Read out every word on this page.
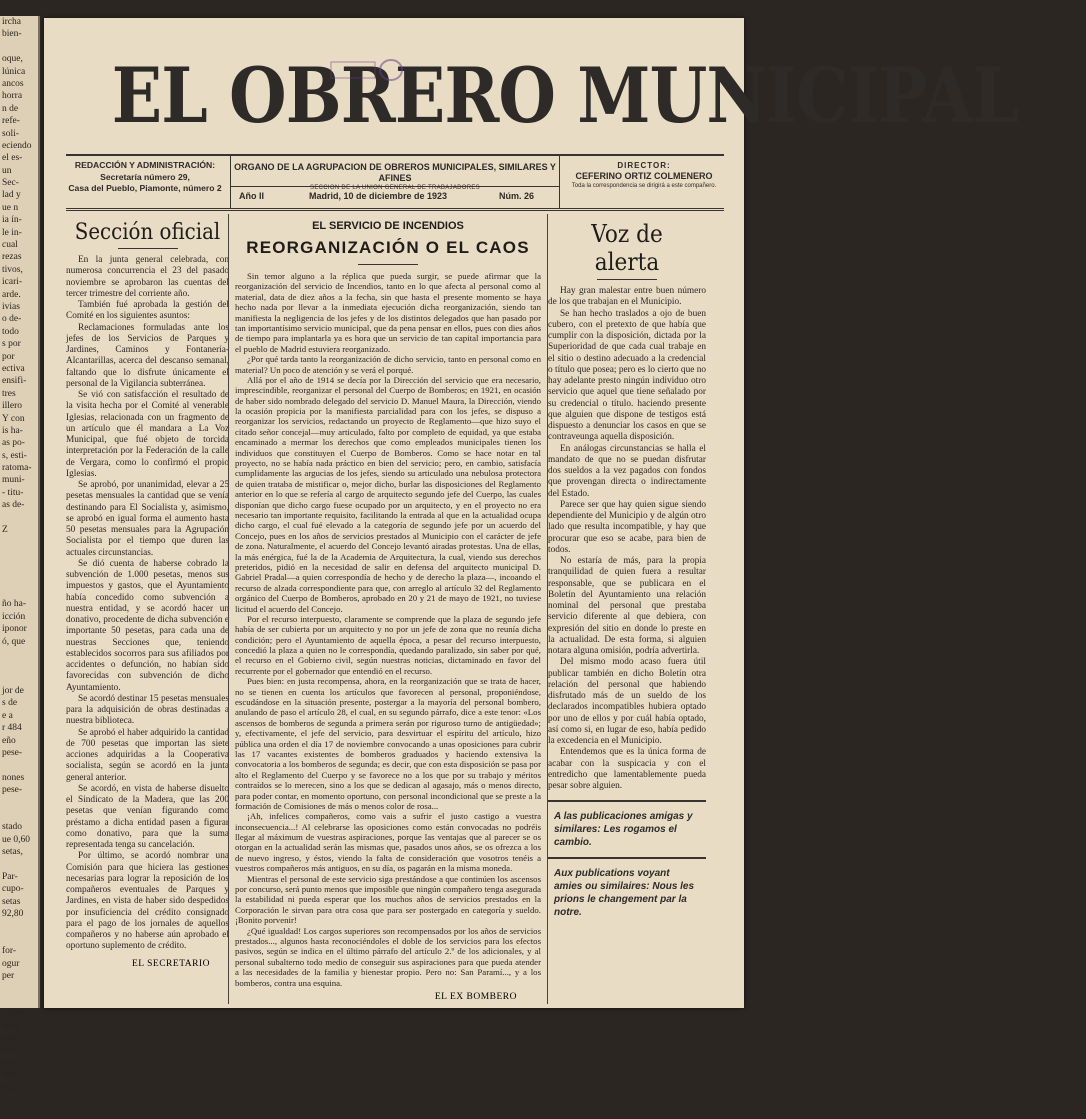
ircha
bien-
oque,
lúnica
ancos
horra
n de
refe-
soli-
eciendo
el es-
un
Sec-
lad y
ue n
ia ín-
le in-
cual
rezas
tivos,
icari-
arde.
ivias
o de-
todo
s por
por
ectiva
ensifi-
tres
illero
Y con
is ha-
as po-
s, esti-
ratoma-
muni-
- titu-
as de-
Z
ño ha-
icción
iponor
ó, que
jor de
s de
e a
r 484
eño
pese-
nones
pese-
stado
ue 0,60
setas,
Par-
cupo-
setas
92,80
for-
ogur
per
saldo-
ones.
estas
que
ocu-
ontes
es a
EL OBRERO MUNICIPAL
REDACCIÓN Y ADMINISTRACIÓN:
Secretaría número 29,
Casa del Pueblo, Piamonte, número 2
ORGANO DE LA AGRUPACION DE OBREROS MUNICIPALES, SIMILARES Y AFINES
SECCION DE LA UNION GENERAL DE TRABAJADORES
Año II	Madrid, 10 de diciembre de 1923	Núm. 26
DIRECTOR:
CEFERINO ORTIZ COLMENERO
Toda la correspondencia se dirigirá a este compañero.
Sección oficial

En la junta general celebrada, con numerosa concurrencia el 23 del pasado noviembre se aprobaron las cuentas del tercer trimestre del corriente año.

También fué aprobada la gestión del Comité en los siguientes asuntos:

Reclamaciones formuladas ante los jefes de los Servicios de Parques y Jardines, Caminos y Fontanería-Alcantarillas, acerca del descanso semanal, faltando que lo disfrute únicamente el personal de la Vigilancia subterránea.

Se vió con satisfacción el resultado de la visita hecha por el Comité al venerable Iglesias, relacionada con un fragmento de un artículo que él mandara a La Voz Municipal, que fué objeto de torcida interpretación por la Federación de la calle de Vergara, como lo confirmó el propio Iglesias.

Se aprobó, por unanimidad, elevar a 25 pesetas mensuales la cantidad que se venía destinando para El Socialista y, asimismo, se aprobó en igual forma el aumento hasta 50 pesetas mensuales para la Agrupación Socialista por el tiempo que duren las actuales circunstancias.

Se dió cuenta de haberse cobrado la subvención de 1.000 pesetas, menos sus impuestos y gastos, que el Ayuntamiento había concedido como subvención a nuestra entidad, y se acordó hacer un donativo, procedente de dicha subvención e importante 50 pesetas, para cada una de nuestras Secciones que, teniendo establecidos socorros para sus afiliados por accidentes o defunción, no habían sido favorecidas con subvención de dicho Ayuntamiento.

Se acordó destinar 15 pesetas mensuales para la adquisición de obras destinadas a nuestra biblioteca.

Se aprobó el haber adquirido la cantidad de 700 pesetas que importan las siete acciones adquiridas a la Cooperativa socialista, según se acordó en la junta general anterior.

Se acordó, en vista de haberse disuelto el Sindicato de la Madera, que las 200 pesetas que venían figurando como préstamo a dicha entidad pasen a figurar como donativo, para que la suma representada tenga su cancelación.

Por último, se acordó nombrar una Comisión para que hiciera las gestiones necesarias para lograr la reposición de los compañeros eventuales de Parques y Jardines, en vista de haber sido despedidos por insuficiencia del crédito consignado para el pago de los jornales de aquellos compañeros y no haberse aún aprobado el oportuno suplemento de crédito.

EL SECRETARIO
EL SERVICIO DE INCENDIOS
REORGANIZACIÓN O EL CAOS

Sin temor alguno a la réplica que pueda surgir, se puede afirmar que la reorganización del servicio de Incendios, tanto en lo que afecta al personal como al material, data de diez años a la fecha, sin que hasta el presente momento se haya hecho nada por llevar a la inmediata ejecución dicha reorganización, siendo tan manifiesta la negligencia de los jefes y de los distintos delegados que han pasado por tan importantísimo servicio municipal, que da pena pensar en ellos, pues con dies años de tiempo para implantarla ya es hora que un servicio de tan capital importancia para el pueblo de Madrid estuviera reorganizado.

¿Por qué tarda tanto la reorganización de dicho servicio, tanto en personal como en material? Un poco de atención y se verá el porqué.

Allá por el año de 1914 se decía por la Dirección del servicio que era necesario, imprescindible, reorganizar el personal del Cuerpo de Bomberos; en 1921, en ocasión de haber sido nombrado delegado del servicio D. Manuel Maura, la Dirección, viendo la ocasión propicia por la manifiesta parcialidad para con los jefes, se dispuso a reorganizar los servicios, redactando un proyecto de Reglamento—que hizo suyo el citado señor concejal—muy articulado, falto por completo de equidad, ya que estaba encaminado a mermar los derechos que como empleados municipales tienen los individuos que constituyen el Cuerpo de Bomberos. Como se hace notar en tal proyecto, no se había nada práctico en bien del servicio; pero, en cambio, satisfacía cumplidamente las argucias de los jefes, siendo su articulado una nebulosa protectora de quien trataba de mistificar o, mejor dicho, burlar las disposiciones del Reglamento anterior en lo que se refería al cargo de arquitecto segundo jefe del Cuerpo, las cuales disponían que dicho cargo fuese ocupado por un arquitecto, y en el proyecto no era necesario tan importante requisito, facilitando la entrada al que en la actualidad ocupa dicho cargo, el cual fué elevado a la categoría de segundo jefe por un acuerdo del Concejo, pues en los años de servicios prestados al Municipio con el carácter de jefe de zona. Naturalmente, el acuerdo del Concejo levantó airadas protestas. Una de ellas, la más enérgica, fué la de la Academia de Arquitectura, la cual, viendo sus derechos preteridos, pidió en la necesidad de salir en defensa del arquitecto municipal D. Gabriel Pradal—a quien correspondía de hecho y de derecho la plaza—, incoando el recurso de alzada correspondiente para que, con arreglo al artículo 32 del Reglamento orgánico del Cuerpo de Bomberos, aprobado en 20 y 21 de mayo de 1921, no tuviese licitud el acuerdo del Concejo.

Por el recurso interpuesto, claramente se comprende que la plaza de segundo jefe había de ser cubierta por un arquitecto y no por un jefe de zona que no reunía dicha condición; pero el Ayuntamiento de aquella época, a pesar del recurso interpuesto, concedió la plaza a quien no le correspondía, quedando paralizado, sin saber por qué, el recurso en el Gobierno civil, según nuestras noticias, dictaminado en favor del recurrente por el gobernador que entendió en el recurso.

Pues bien: en justa recompensa, ahora, en la reorganización que se trata de hacer, no se tienen en cuenta los artículos que favorecen al personal, proponiéndose, escudándose en la situación presente, postergar a la mayoría del personal bombero, anulando de paso el artículo 28, el cual, en su segundo párrafo, dice a este tenor: «Los ascensos de bomberos de segunda a primera serán por riguroso turno de antigüedad»; y, efectivamente, el jefe del servicio, para desvirtuar el espíritu del artículo, hizo pública una orden el día 17 de noviembre convocando a unas oposiciones para cubrir las 17 vacantes existentes de bomberos graduados y haciendo extensiva la convocatoria a los bomberos de segunda; es decir, que con esta disposición se pasa por alto el Reglamento del Cuerpo y se favorece no a los que por su trabajo y méritos contraídos se lo merecen, sino a los que se dedican al agasajo, más o menos directo, para poder contar, en momento oportuno, con personal incondicional que se preste a la formación de Comisiones de más o menos color de rosa...

¡Ah, infelices compañeros, como vais a sufrir el justo castigo a vuestra inconsecuencia...! Al celebrarse las oposiciones como están convocadas no podréis llegar al máximum de vuestras aspiraciones, porque las ventajas que al parecer se os otorgan en la actualidad serán las mismas que, pasados unos años, se os ofrezca a los de nuevo ingreso, y éstos, viendo la falta de consideración que vosotros tenéis a vuestros compañeros más antiguos, en su día, os pagarán en la misma moneda.

Mientras el personal de este servicio siga prestándose a que continúen los ascensos por concurso, será punto menos que imposible que ningún compañero tenga asegurada la estabilidad ni pueda esperar que los muchos años de servicios prestados en la Corporación le sirvan para otra cosa que para ser postergado en categoría y sueldo. ¡Bonito porvenir!

¿Qué igualdad! Los cargos superiores son recompensados por los años de servicios prestados..., algunos hasta reconociéndoles el doble de los servicios para los efectos pasivos, según se indica en el último párrafo del artículo 2.º de los adicionales, y al personal subalterno todo medio de conseguir sus aspiraciones para que pueda atender a las necesidades de la familia y bienestar propio. Pero no: San Paramí..., y a los bomberos, contra una esquina.

EL EX BOMBERO
Voz de alerta

Hay gran malestar entre buen número de los que trabajan en el Municipio.

Se han hecho traslados a ojo de buen cubero, con el pretexto de que había que cumplir con la disposición, dictada por la Superioridad de que cada cual trabaje en el sitio o destino adecuado a la credencial o título que posea; pero es lo cierto que no hay adelante presto ningún individuo otro servicio que aquel que tiene señalado por su credencial o título. haciendo presente que alguien que dispone de testigos está dispuesto a denunciar los casos en que se contraveunga aquella disposición.

En análogas circunstancias se halla el mandato de que no se puedan disfrutar dos sueldos a la vez pagados con fondos que provengan directa o indirectamente del Estado.

Parece ser que hay quien sigue siendo dependiente del Municipio y de algún otro lado que resulta incompatible, y hay que procurar que eso se acabe, para bien de todos.

No estaría de más, para la propia tranquilidad de quien fuera a resultar responsable, que se publicara en el Boletín del Ayuntamiento una relación nominal del personal que prestaba servicio diferente al que debiera, con expresión del sitio en donde lo preste en la actualidad. De esta forma, si alguien notara alguna omisión, podría advertirla.

Del mismo modo acaso fuera útil publicar también en dicho Boletín otra relación del personal que habiendo disfrutado más de un sueldo de los declarados incompatibles hubiera optado por uno de ellos y por cuál había optado, así como si, en lugar de eso, había pedido la excedencia en el Municipio.

Entendemos que es la única forma de acabar con la suspicacia y con el entredicho que lamentablemente pueda pesar sobre alguien.

A las publicaciones amigas y similares: Les rogamos el cambio.
Aux publications voyant amies ou similaires: Nous les prions le changement par la notre.
